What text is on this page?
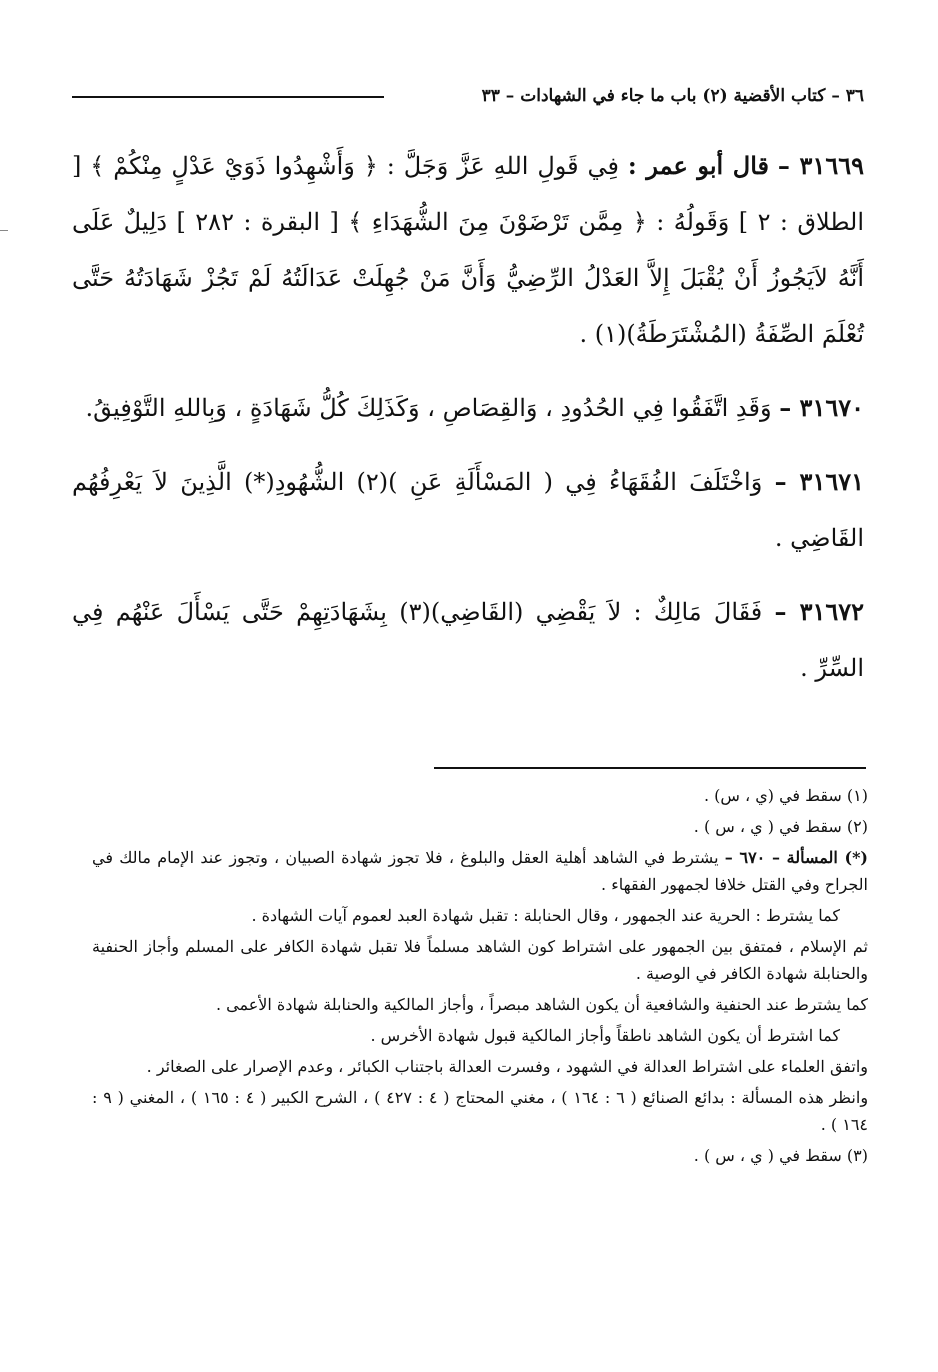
٣٦ – كتاب الأقضية (٢) باب ما جاء في الشهادات – ٣٣

٣١٦٦٩ – قال أبو عمر : فِي قَولِ اللهِ عَزَّ وَجَلَّ : ﴿ وَأَشْهِدُوا ذَوَيْ عَدْلٍ مِنْكُمْ ﴾ [ الطلاق : ٢ ] وَقَولُهُ : ﴿ مِمَّن تَرْضَوْنَ مِنَ الشُّهَدَاءِ ﴾ [ البقرة : ٢٨٢ ] دَلِيلٌ عَلَى أَنَّهُ لاَيَجُوزُ أَنْ يُقْبَلَ إِلاَّ العَدْلُ الرِّضِيُّ وَأَنَّ مَنْ جُهِلَتْ عَدَالَتُهُ لَمْ تَجُزْ شَهَادَتُهُ حَتَّى تُعْلَمَ الصِّفَةُ (المُشْتَرَطَةُ)(١) .

٣١٦٧٠ – وَقَدِ اتَّفَقُوا فِي الحُدُودِ ، وَالقِصَاصِ ، وَكَذَلِكَ كُلُّ شَهَادَةٍ ، وَبِاللهِ التَّوْفِيقُ.

٣١٦٧١ – وَاخْتَلَفَ الفُقَهَاءُ فِي ( المَسْأَلَةِ عَنِ )(٢) الشُّهُودِ(*) الَّذِينَ لاَ يَعْرِفُهُم القَاضِي .

٣١٦٧٢ – فَقَالَ مَالِكٌ : لاَ يَقْضِي (القَاضِي)(٣) بِشَهَادَتِهِمْ حَتَّى يَسْأَلَ عَنْهُم فِي السِّرِّ .

(١) سقط في (ي ، س) .

(٢) سقط في ( ي ، س ) .

(*) المسألة – ٦٧٠ – يشترط في الشاهد أهلية العقل والبلوغ ، فلا تجوز شهادة الصبيان ، وتجوز عند الإمام مالك في الجراح وفي القتل خلافا لجمهور الفقهاء .

كما يشترط : الحرية عند الجمهور ، وقال الحنابلة : تقبل شهادة العبد لعموم آيات الشهادة .

ثم الإسلام ، فمتفق بين الجمهور على اشتراط كون الشاهد مسلماً فلا تقبل شهادة الكافر على المسلم وأجاز الحنفية والحنابلة شهادة الكافر في الوصية .

كما يشترط عند الحنفية والشافعية أن يكون الشاهد مبصراً ، وأجاز المالكية والحنابلة شهادة الأعمى .

كما اشترط أن يكون الشاهد ناطقاً وأجاز المالكية قبول شهادة الأخرس .

واتفق العلماء على اشتراط العدالة في الشهود ، وفسرت العدالة باجتناب الكبائر ، وعدم الإصرار على الصغائر .

وانظر هذه المسألة : بدائع الصنائع ( ٦ : ١٦٤ ) ، مغني المحتاج ( ٤ : ٤٢٧ ) ، الشرح الكبير ( ٤ : ١٦٥ ) ، المغني ( ٩ : ١٦٤ ) .

(٣) سقط في ( ي ، س ) .
